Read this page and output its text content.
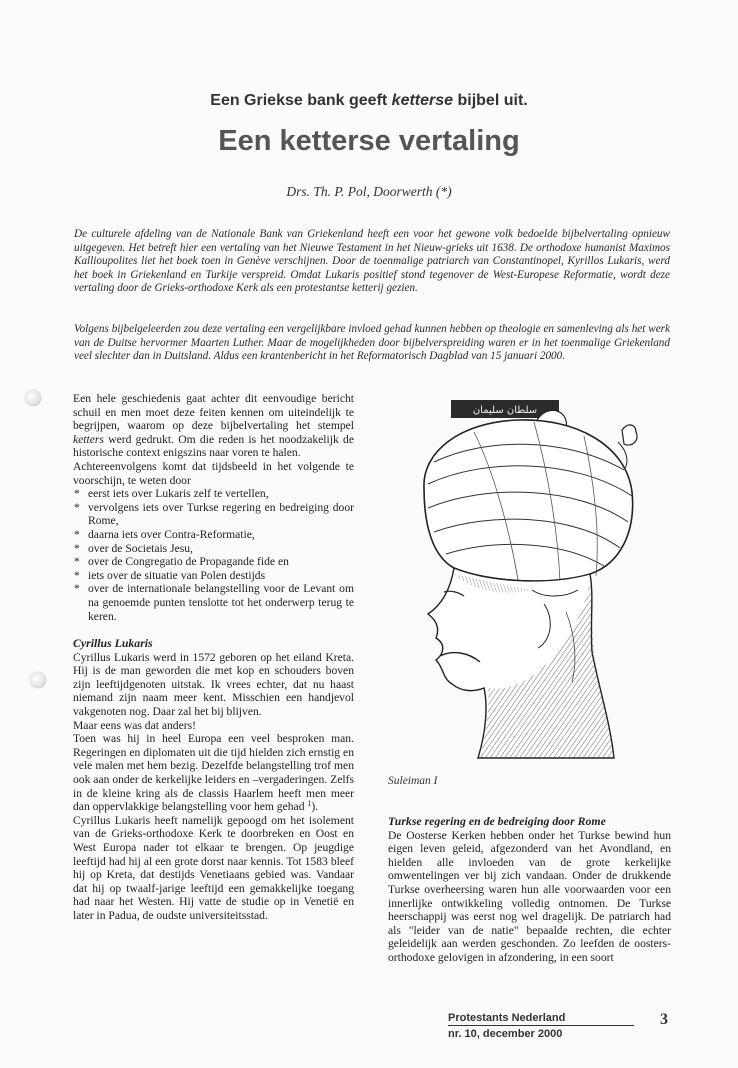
Een Griekse bank geeft ketterse bijbel uit.
Een ketterse vertaling
Drs. Th. P. Pol, Doorwerth (*)

De culturele afdeling van de Nationale Bank van Griekenland heeft een voor het gewone volk bedoelde bijbelvertaling opnieuw uitgegeven. Het betreft hier een vertaling van het Nieuwe Testament in het Nieuw-grieks uit 1638. De orthodoxe humanist Maximos Kallioupolites liet het boek toen in Genève verschijnen. Door de toenmalige patriarch van Constantinopel, Kyrillos Lukaris, werd het boek in Griekenland en Turkije verspreid. Omdat Lukaris positief stond tegenover de West-Europese Reformatie, wordt deze vertaling door de Grieks-orthodoxe Kerk als een protestantse ketterij gezien.

Volgens bijbelgeleerden zou deze vertaling een vergelijkbare invloed gehad kunnen hebben op theologie en samenleving als het werk van de Duitse hervormer Maarten Luther. Maar de mogelijkheden door bijbelverspreiding waren er in het toenmalige Griekenland veel slechter dan in Duitsland. Aldus een krantenbericht in het Reformatorisch Dagblad van 15 januari 2000.

Een hele geschiedenis gaat achter dit eenvoudige bericht schuil en men moet deze feiten kennen om uiteindelijk te begrijpen, waarom op deze bijbelvertaling het stempel ketters werd gedrukt. Om die reden is het noodzakelijk de historische context enigszins naar voren te halen.

Achtereenvolgens komt dat tijdsbeeld in het volgende te voorschijn, te weten door

* eerst iets over Lukaris zelf te vertellen,
* vervolgens iets over Turkse regering en bedreiging door Rome,
* daarna iets over Contra-Reformatie,
* over de Societais Jesu,
* over de Congregatio de Propagande fide en
* iets over de situatie van Polen destijds
* over de internationale belangstelling voor de Levant om na genoemde punten tenslotte tot het onderwerp terug te keren.
Cyrillus Lukaris

Cyrillus Lukaris werd in 1572 geboren op het eiland Kreta. Hij is de man geworden die met kop en schouders boven zijn leeftijdgenoten uitstak. Ik vrees echter, dat nu haast niemand zijn naam meer kent. Misschien een handjevol vakgenoten nog. Daar zal het bij blijven.

Maar eens was dat anders!

Toen was hij in heel Europa een veel besproken man. Regeringen en diplomaten uit die tijd hielden zich ernstig en vele malen met hem bezig. Dezelfde belangstelling trof men ook aan onder de kerkelijke leiders en –vergaderingen. Zelfs in de kleine kring als de classis Haarlem heeft men meer dan oppervlakkige belangstelling voor hem gehad $^1$).

Cyrillus Lukaris heeft namelijk gepoogd om het isolement van de Grieks-orthodoxe Kerk te doorbreken en Oost en West Europa nader tot elkaar te brengen. Op jeugdige leeftijd had hij al een grote dorst naar kennis. Tot 1583 bleef hij op Kreta, dat destijds Venetiaans gebied was. Vandaar dat hij op twaalf-jarige leeftijd een gemakkelijke toegang had naar het Westen. Hij vatte de studie op in Venetië en later in Padua, de oudste universiteitsstad.

سلطان سليمان
Suleiman I
Turkse regering en de bedreiging door Rome

De Oosterse Kerken hebben onder het Turkse bewind hun eigen leven geleid, afgezonderd van het Avondland, en hielden alle invloeden van de grote kerkelijke omwentelingen ver bij zich vandaan. Onder de drukkende Turkse overheersing waren hun alle voorwaarden voor een innerlijke ontwikkeling volledig ontnomen. De Turkse heerschappij was eerst nog wel dragelijk. De patriarch had als "leider van de natie" bepaalde rechten, die echter geleidelijk aan werden geschonden. Zo leefden de oosters-orthodoxe gelovigen in afzondering, in een soort

Protestants Nederland
nr. 10, december 2000
3
